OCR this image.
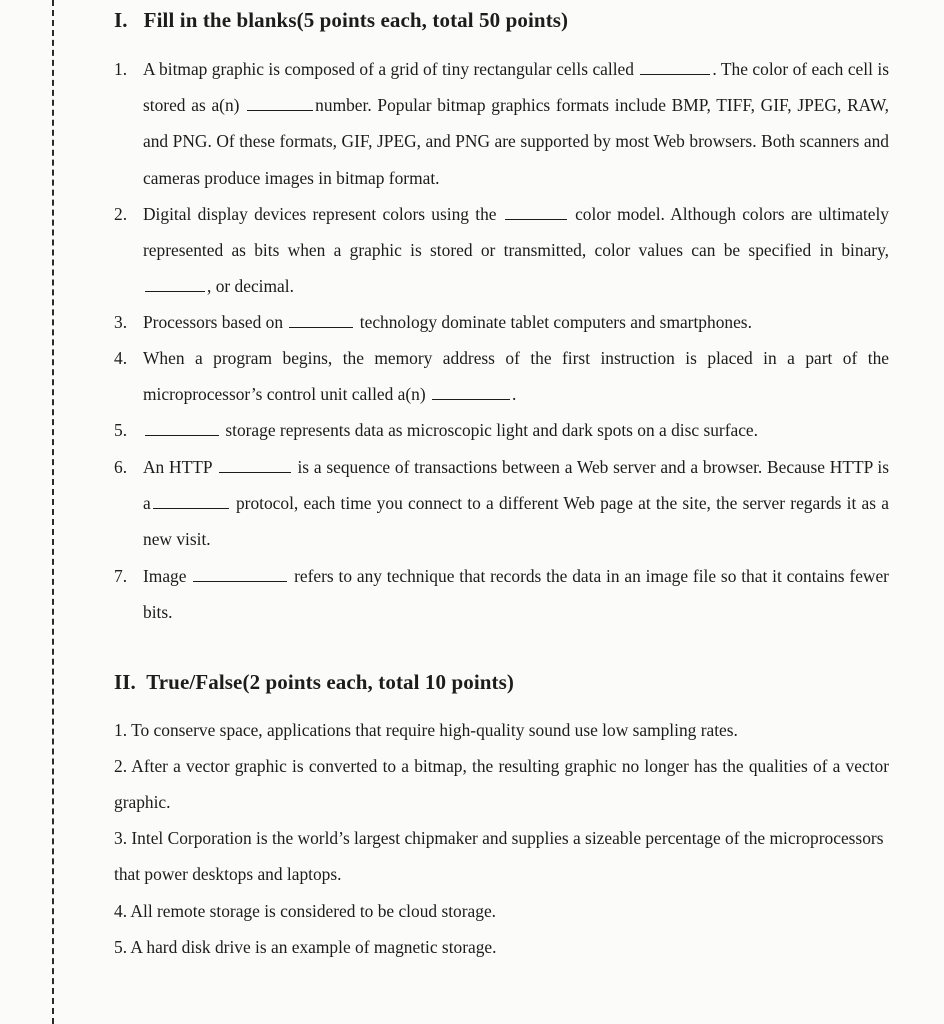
I.   Fill in the blanks(5 points each, total 50 points)

1. A bitmap graphic is composed of a grid of tiny rectangular cells called	. The color of each cell is stored as a(n)	number. Popular bitmap graphics formats include BMP, TIFF, GIF, JPEG, RAW, and PNG. Of these formats, GIF, JPEG, and PNG are supported by most Web browsers. Both scanners and cameras produce images in bitmap format.

2. Digital display devices represent colors using the	color model. Although colors are ultimately represented as bits when a graphic is stored or transmitted, color values can be specified in binary, , or decimal.

3. Processors based on	technology dominate tablet computers and smartphones.

4. When a program begins, the memory address of the first instruction is placed in a part of the microprocessor’s control unit called a(n)	.

5.	storage represents data as microscopic light and dark spots on a disc surface.

6. An HTTP	is a sequence of transactions between a Web server and a browser. Because HTTP is a	protocol, each time you connect to a different Web page at the site, the server regards it as a new visit.

7. Image	refers to any technique that records the data in an image file so that it contains fewer bits.

II.  True/False(2 points each, total 10 points)

1. To conserve space, applications that require high-quality sound use low sampling rates.

2. After a vector graphic is converted to a bitmap, the resulting graphic no longer has the qualities of a vector graphic.

3. Intel Corporation is the world’s largest chipmaker and supplies a sizeable percentage of the microprocessors that power desktops and laptops.

4. All remote storage is considered to be cloud storage.

5. A hard disk drive is an example of magnetic storage.
